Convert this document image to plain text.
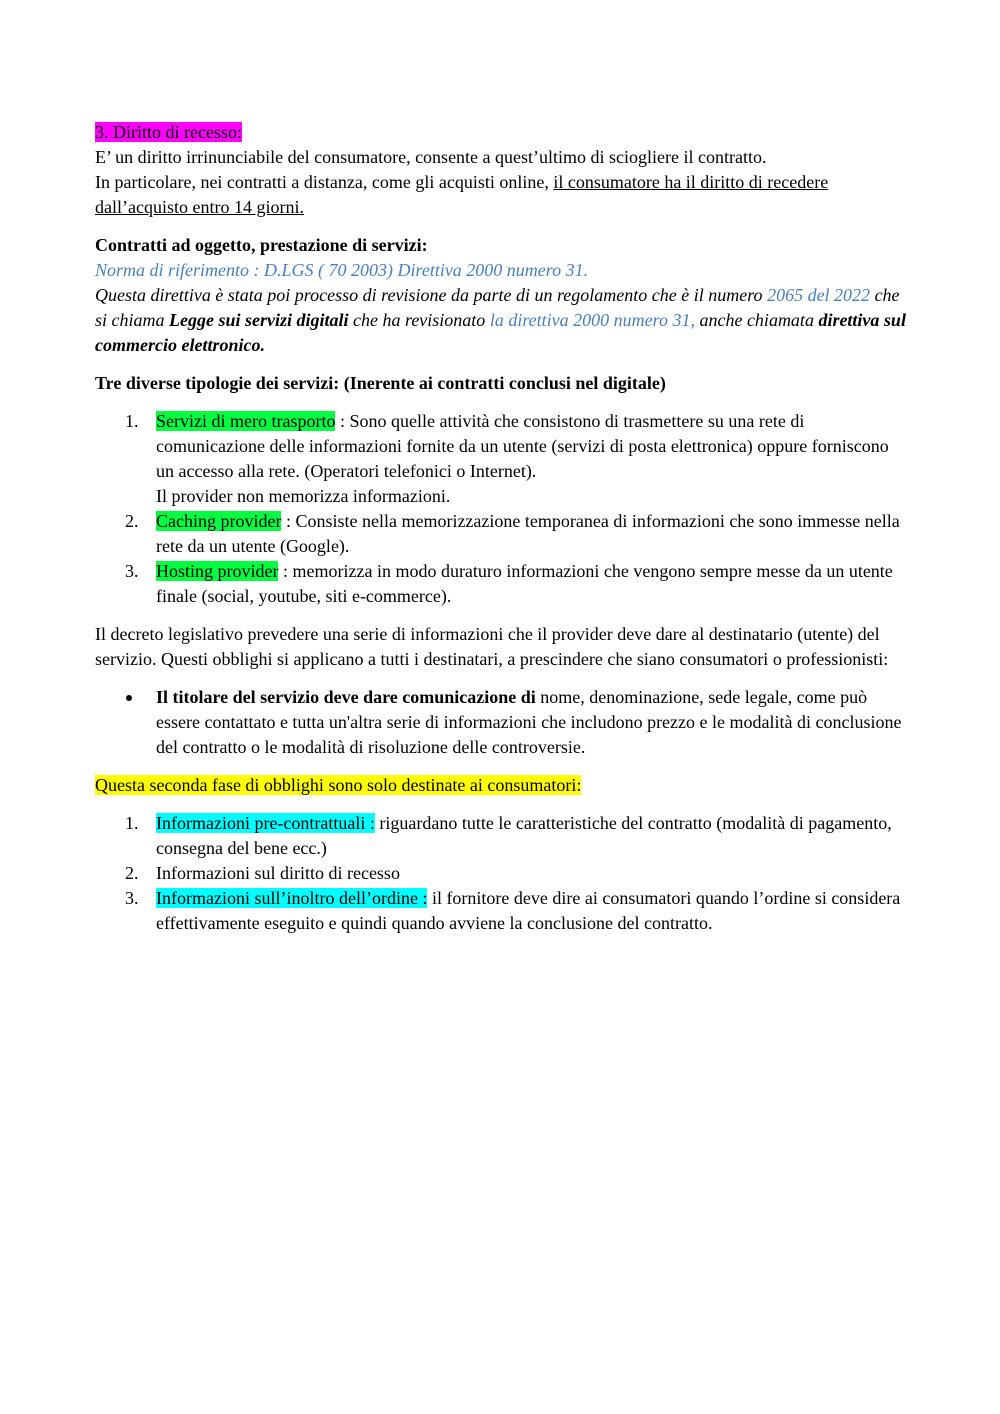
3. Diritto di recesso:
E’ un diritto irrinunciabile del consumatore, consente a quest’ultimo di sciogliere il contratto.
In particolare, nei contratti a distanza, come gli acquisti online, il consumatore ha il diritto di recedere dall’acquisto entro 14 giorni.

Contratti ad oggetto, prestazione di servizi:
Norma di riferimento : D.LGS ( 70 2003) Direttiva 2000 numero 31.
Questa direttiva è stata poi processo di revisione da parte di un regolamento che è il numero 2065 del 2022 che si chiama Legge sui servizi digitali che ha revisionato la direttiva 2000 numero 31, anche chiamata direttiva sul commercio elettronico.

Tre diverse tipologie dei servizi: (Inerente ai contratti conclusi nel digitale)

1. Servizi di mero trasporto : Sono quelle attività che consistono di trasmettere su una rete di comunicazione delle informazioni fornite da un utente (servizi di posta elettronica) oppure forniscono un accesso alla rete. (Operatori telefonici o Internet).
Il provider non memorizza informazioni.
2. Caching provider : Consiste nella memorizzazione temporanea di informazioni che sono immesse nella rete da un utente (Google).
3. Hosting provider : memorizza in modo duraturo informazioni che vengono sempre messe da un utente finale (social, youtube, siti e-commerce).

Il decreto legislativo prevedere una serie di informazioni che il provider deve dare al destinatario (utente) del servizio. Questi obblighi si applicano a tutti i destinatari, a prescindere che siano consumatori o professionisti:

Il titolare del servizio deve dare comunicazione di nome, denominazione, sede legale, come può essere contattato e tutta un'altra serie di informazioni che includono prezzo e le modalità di conclusione del contratto o le modalità di risoluzione delle controversie.

Questa seconda fase di obblighi sono solo destinate ai consumatori:

1. Informazioni pre-contrattuali : riguardano tutte le caratteristiche del contratto (modalità di pagamento, consegna del bene ecc.)
2. Informazioni sul diritto di recesso
3. Informazioni sull’inoltro dell’ordine : il fornitore deve dire ai consumatori quando l’ordine si considera effettivamente eseguito e quindi quando avviene la conclusione del contratto.
